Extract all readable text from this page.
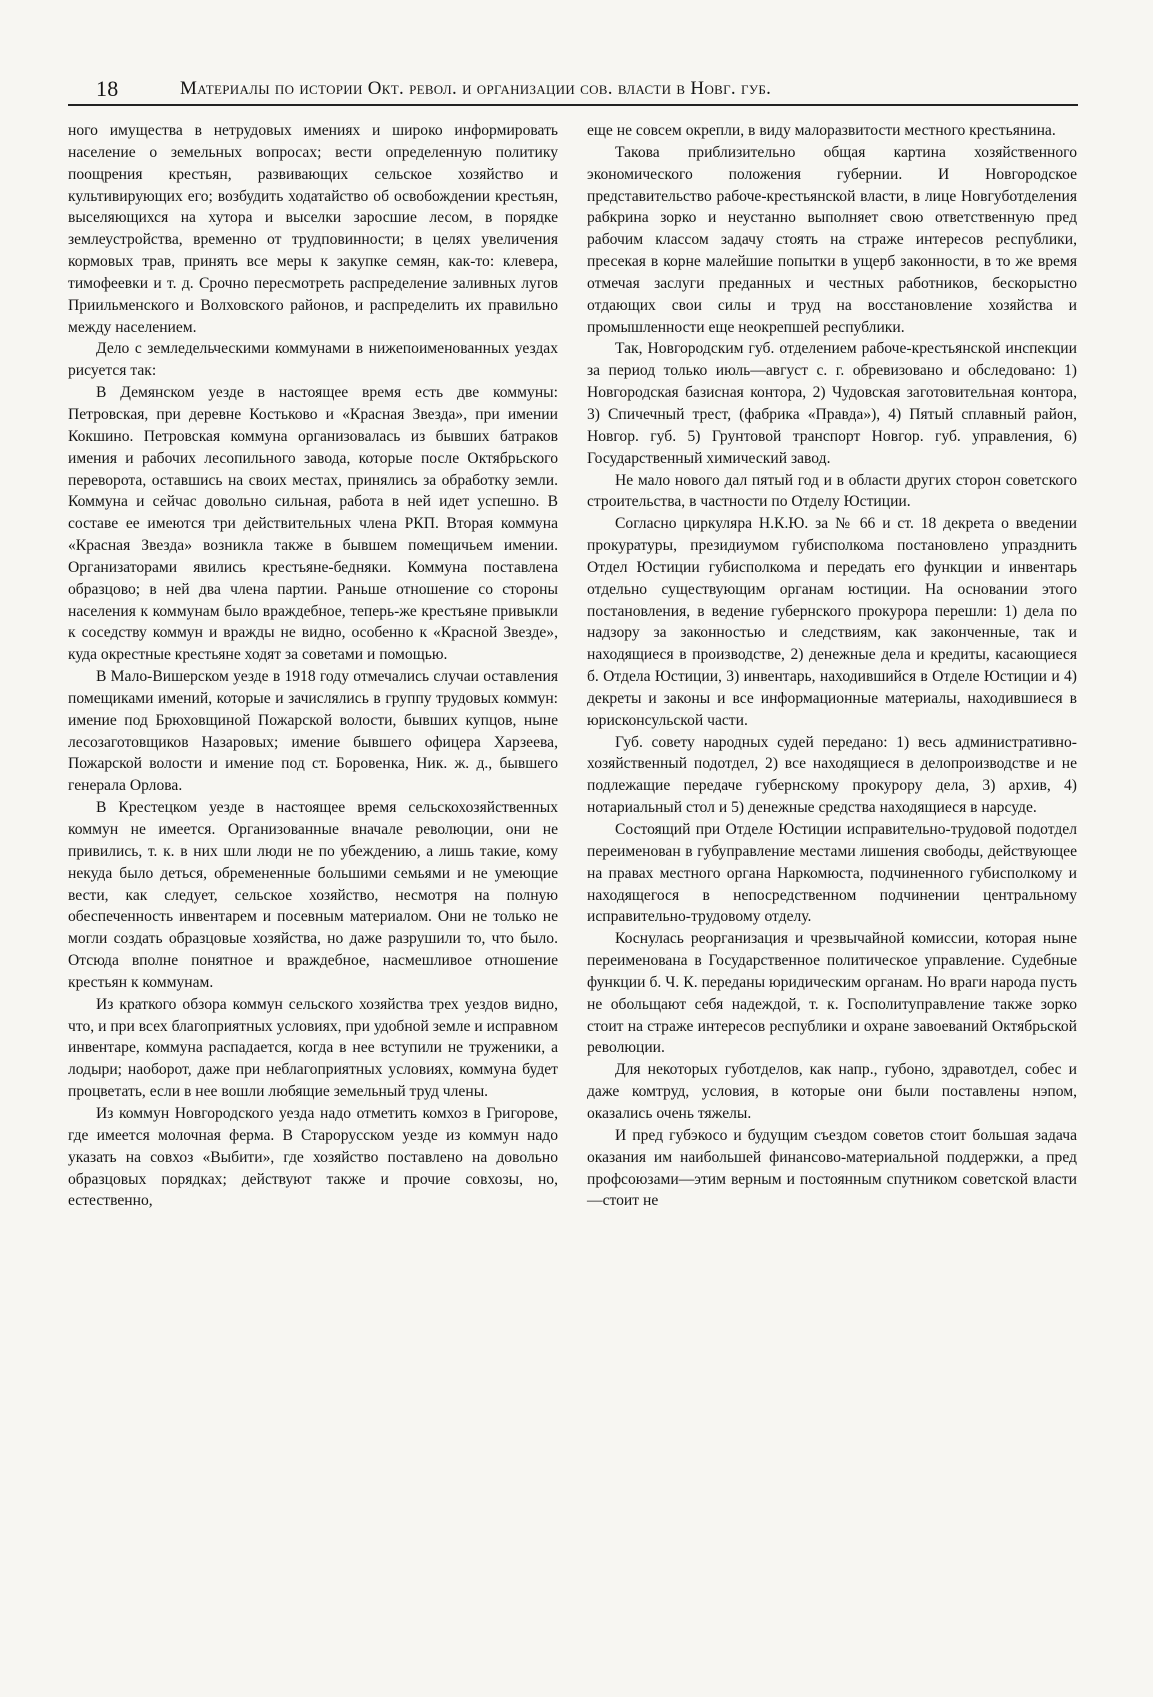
18	Материалы по истории Окт. револ. и организации сов. власти в Новг. губ.

ного имущества в нетрудовых имениях и широко информировать население о земельных вопросах; вести определенную политику поощрения крестьян, развивающих сельское хозяйство и культивирующих его; возбудить ходатайство об освобождении крестьян, выселяющихся на хутора и выселки заросшие лесом, в порядке землеустройства, временно от трудповинности; в целях увеличения кормовых трав, принять все меры к закупке семян, как-то: клевера, тимофеевки и т. д. Срочно пересмотреть распределение заливных лугов Приильменского и Волховского районов, и распределить их правильно между населением.

Дело с земледельческими коммунами в нижепоименованных уездах рисуется так:

В Демянском уезде в настоящее время есть две коммуны: Петровская, при деревне Костьково и «Красная Звезда», при имении Кокшино. Петровская коммуна организовалась из бывших батраков имения и рабочих лесопильного завода, которые после Октябрьского переворота, оставшись на своих местах, принялись за обработку земли. Коммуна и сейчас довольно сильная, работа в ней идет успешно. В составе ее имеются три действительных члена РКП. Вторая коммуна «Красная Звезда» возникла также в бывшем помещичьем имении. Организаторами явились крестьяне-бедняки. Коммуна поставлена образцово; в ней два члена партии. Раньше отношение со стороны населения к коммунам было враждебное, теперь-же крестьяне привыкли к соседству коммун и вражды не видно, особенно к «Красной Звезде», куда окрестные крестьяне ходят за советами и помощью.

В Мало-Вишерском уезде в 1918 году отмечались случаи оставления помещиками имений, которые и зачислялись в группу трудовых коммун: имение под Брюховщиной Пожарской волости, бывших купцов, ныне лесозаготовщиков Назаровых; имение бывшего офицера Харзеева, Пожарской волости и имение под ст. Боровенка, Ник. ж. д., бывшего генерала Орлова.

В Крестецком уезде в настоящее время сельскохозяйственных коммун не имеется. Организованные вначале революции, они не привились, т. к. в них шли люди не по убеждению, а лишь такие, кому некуда было деться, обремененные большими семьями и не умеющие вести, как следует, сельское хозяйство, несмотря на полную обеспеченность инвентарем и посевным материалом. Они не только не могли создать образцовые хозяйства, но даже разрушили то, что было. Отсюда вполне понятное и враждебное, насмешливое отношение крестьян к коммунам.

Из краткого обзора коммун сельского хозяйства трех уездов видно, что, и при всех благоприятных условиях, при удобной земле и исправном инвентаре, коммуна распадается, когда в нее вступили не труженики, а лодыри; наоборот, даже при неблагоприятных условиях, коммуна будет процветать, если в нее вошли любящие земельный труд члены.

Из коммун Новгородского уезда надо отметить комхоз в Григорове, где имеется молочная ферма. В Старорусском уезде из коммун надо указать на совхоз «Выбити», где хозяйство поставлено на довольно образцовых порядках; действуют также и прочие совхозы, но, естественно,

еще не совсем окрепли, в виду малоразвитости местного крестьянина.

Такова приблизительно общая картина хозяйственного экономического положения губернии. И Новгородское представительство рабоче-крестьянской власти, в лице Новгуботделения рабкрина зорко и неустанно выполняет свою ответственную пред рабочим классом задачу стоять на страже интересов республики, пресекая в корне малейшие попытки в ущерб законности, в то же время отмечая заслуги преданных и честных работников, бескорыстно отдающих свои силы и труд на восстановление хозяйства и промышленности еще неокрепшей республики.

Так, Новгородским губ. отделением рабоче-крестьянской инспекции за период только июль—август с. г. обревизовано и обследовано: 1) Новгородская базисная контора, 2) Чудовская заготовительная контора, 3) Спичечный трест, (фабрика «Правда»), 4) Пятый сплавный район, Новгор. губ. 5) Грунтовой транспорт Новгор. губ. управления, 6) Государственный химический завод.

Не мало нового дал пятый год и в области других сторон советского строительства, в частности по Отделу Юстиции.

Согласно циркуляра Н.К.Ю. за № 66 и ст. 18 декрета о введении прокуратуры, президиумом губисполкома постановлено упразднить Отдел Юстиции губисполкома и передать его функции и инвентарь отдельно существующим органам юстиции. На основании этого постановления, в ведение губернского прокурора перешли: 1) дела по надзору за законностью и следствиям, как законченные, так и находящиеся в производстве, 2) денежные дела и кредиты, касающиеся б. Отдела Юстиции, 3) инвентарь, находившийся в Отделе Юстиции и 4) декреты и законы и все информационные материалы, находившиеся в юрисконсульской части.

Губ. совету народных судей передано: 1) весь административно-хозяйственный подотдел, 2) все находящиеся в делопроизводстве и не подлежащие передаче губернскому прокурору дела, 3) архив, 4) нотариальный стол и 5) денежные средства находящиеся в нарсуде.

Состоящий при Отделе Юстиции исправительно-трудовой подотдел переименован в губуправление местами лишения свободы, действующее на правах местного органа Наркомюста, подчиненного губисполкому и находящегося в непосредственном подчинении центральному исправительно-трудовому отделу.

Коснулась реорганизация и чрезвычайной комиссии, которая ныне переименована в Государственное политическое управление. Судебные функции б. Ч. К. переданы юридическим органам. Но враги народа пусть не обольщают себя надеждой, т. к. Госполитуправление также зорко стоит на страже интересов республики и охране завоеваний Октябрьской революции.

Для некоторых губотделов, как напр., губоно, здравотдел, собес и даже комтруд, условия, в которые они были поставлены нэпом, оказались очень тяжелы.

И пред губэкосо и будущим съездом советов стоит большая задача оказания им наибольшей финансово-материальной поддержки, а пред профсоюзами—этим верным и постоянным спутником советской власти—стоит не
